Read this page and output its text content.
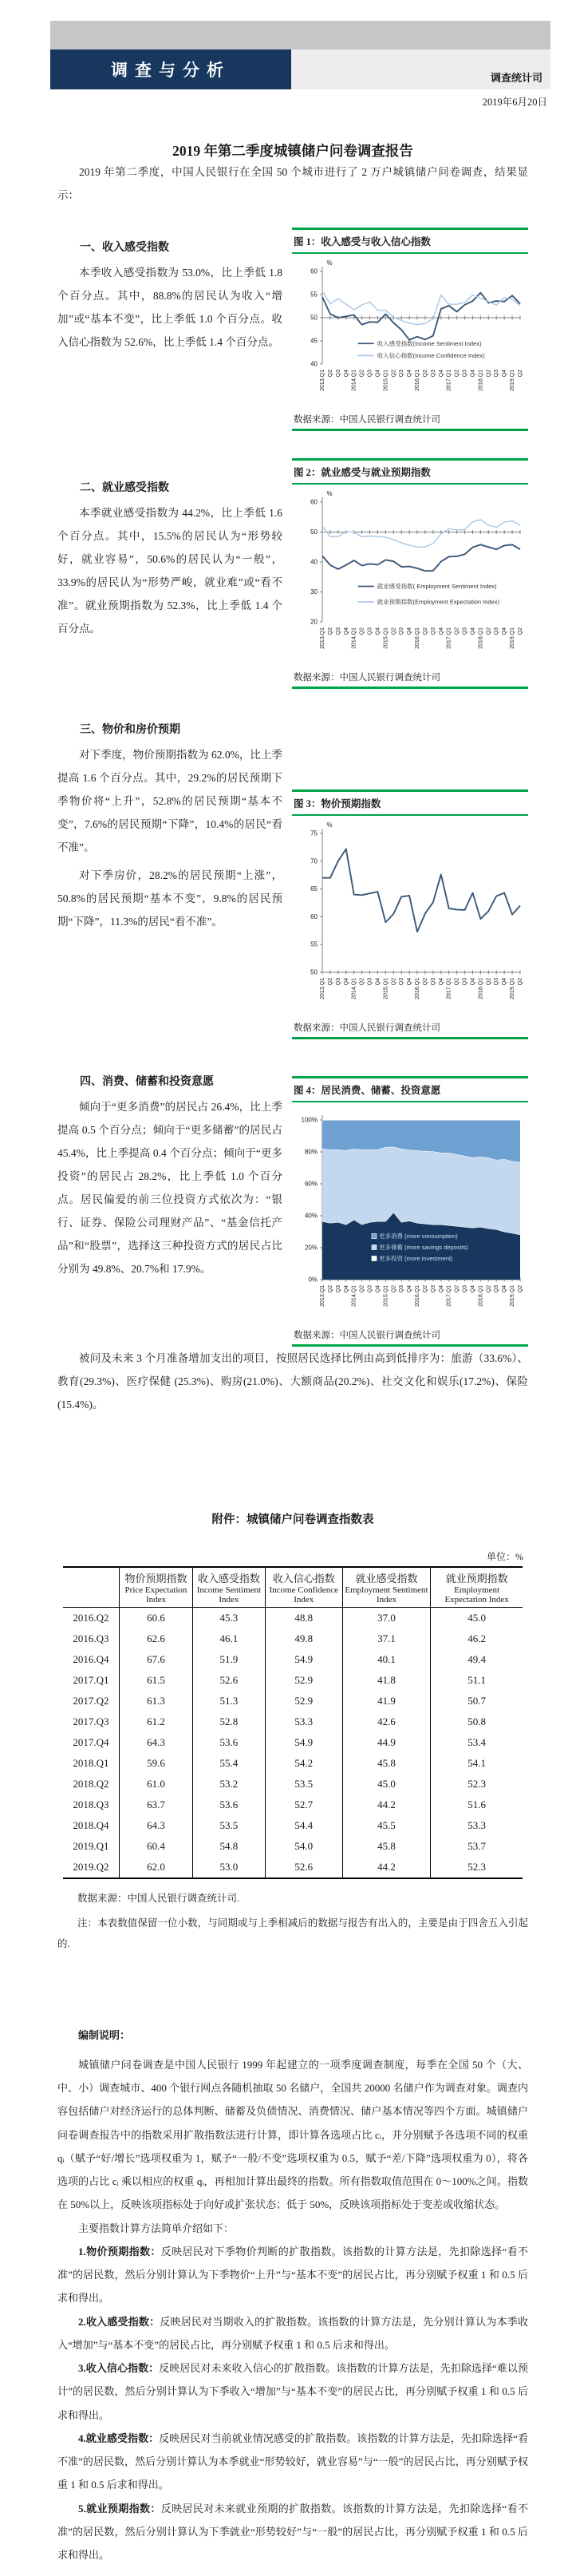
调查与分析	调查统计司
2019年6月20日
2019 年第二季度城镇储户问卷调查报告

2019 年第二季度，中国人民银行在全国 50 个城市进行了 2 万户城镇储户问卷调查，结果显示：

一、收入感受指数

本季收入感受指数为 53.0%，比上季低 1.8 个百分点。其中，88.8%的居民认为收入“增加”或“基本不变”，比上季低 1.0 个百分点。收入信心指数为 52.6%，比上季低 1.4 个百分点。

图 1：收入感受与收入信心指数
40
45
50
55
60
%
2013.Q1 Q2 Q3 Q4 2014.Q1 Q2 Q3 Q4 2015.Q1 Q2 Q3 Q4 2016.Q1 Q2 Q3 Q4 2017.Q1 Q2 Q3 Q4 2018.Q1 Q2 Q3 Q4 2019.Q1 Q2
收入感受指数(Income Sentiment Index)
收入信心指数(Income Confidence Index)
数据来源：中国人民银行调查统计司
二、就业感受指数

本季就业感受指数为 44.2%，比上季低 1.6 个百分点。其中，15.5%的居民认为“形势较好，就业容易”，50.6%的居民认为“一般”，33.9%的居民认为“形势严峻，就业难”或“看不准”。就业预期指数为 52.3%，比上季低 1.4 个百分点。

图 2：就业感受与就业预期指数
20
30
40
50
60
%
2013.Q1 Q2 Q3 Q4 2014.Q1 Q2 Q3 Q4 2015.Q1 Q2 Q3 Q4 2016.Q1 Q2 Q3 Q4 2017.Q1 Q2 Q3 Q4 2018.Q1 Q2 Q3 Q4 2019.Q1 Q2
就业感受指数( Employment Sentiment Index)
就业预期指数(Employment Expectation Index)
数据来源：中国人民银行调查统计司
三、物价和房价预期

对下季度，物价预期指数为 62.0%，比上季提高 1.6 个百分点。其中，29.2%的居民预期下季物价将“上升”，52.8%的居民预期“基本不变”，7.6%的居民预期“下降”，10.4%的居民“看不准”。

对下季房价，28.2%的居民预期“上涨”，50.8%的居民预期“基本不变”，9.8%的居民预期“下降”，11.3%的居民“看不准”。

图 3：物价预期指数
50
55
60
65
70
75
%
2013.Q1 Q2 Q3 Q4 2014.Q1 Q2 Q3 Q4 2015.Q1 Q2 Q3 Q4 2016.Q1 Q2 Q3 Q4 2017.Q1 Q2 Q3 Q4 2018.Q1 Q2 Q3 Q4 2019.Q1 Q2
数据来源：中国人民银行调查统计司
四、消费、储蓄和投资意愿

倾向于“更多消费”的居民占 26.4%，比上季提高 0.5 个百分点；倾向于“更多储蓄”的居民占 45.4%，比上季提高 0.4 个百分点；倾向于“更多投资”的居民占 28.2%，比上季低 1.0 个百分点。居民偏爱的前三位投资方式依次为：“银行、证券、保险公司理财产品”、“基金信托产品”和“股票”，选择这三种投资方式的居民占比分别为 49.8%、20.7%和 17.9%。

图 4：居民消费、储蓄、投资意愿
0%
20%
40%
60%
80%
100%
2013.Q1 Q2 Q3 Q4 2014.Q1 Q2 Q3 Q4 2015.Q1 Q2 Q3 Q4 2016.Q1 Q2 Q3 Q4 2017.Q1 Q2 Q3 Q4 2018.Q1 Q2 Q3 Q4 2019.Q1 Q2
更多消费 (more consumption)
更多储蓄 (more savings deposits)
更多投资 (more investment)
数据来源：中国人民银行调查统计司

被问及未来 3 个月准备增加支出的项目，按照居民选择比例由高到低排序为：旅游（33.6%）、教育(29.3%)、医疗保健 (25.3%)、购房(21.0%)、大额商品(20.2%)、社交文化和娱乐(17.2%)、保险(15.4%)。

附件：城镇储户问卷调查指数表
单位：%

物价预期指数
Price Expectation Index

收入感受指数
Income Sentiment Index

收入信心指数
Income Confidence Index

就业感受指数
Employment Sentiment Index

就业预期指数
Employment Expectation Index

2016.Q2	60.6	45.3	48.8	37.0	45.0
2016.Q3	62.6	46.1	49.8	37.1	46.2
2016.Q4	67.6	51.9	54.9	40.1	49.4
2017.Q1	61.5	52.6	52.9	41.8	51.1
2017.Q2	61.3	51.3	52.9	41.9	50.7
2017.Q3	61.2	52.8	53.3	42.6	50.8
2017.Q4	64.3	53.6	54.9	44.9	53.4
2018.Q1	59.6	55.4	54.2	45.8	54.1
2018.Q2	61.0	53.2	53.5	45.0	52.3
2018.Q3	63.7	53.6	52.7	44.2	51.6
2018.Q4	64.3	53.5	54.4	45.5	53.3
2019.Q1	60.4	54.8	54.0	45.8	53.7
2019.Q2	62.0	53.0	52.6	44.2	52.3

数据来源：中国人民银行调查统计司.

注：本表数值保留一位小数，与同期或与上季相减后的数据与报告有出入的，主要是由于四舍五入引起的.

编制说明：

城镇储户问卷调查是中国人民银行 1999 年起建立的一项季度调查制度，每季在全国 50 个（大、中、小）调查城市、400 个银行网点各随机抽取 50 名储户，全国共 20000 名储户作为调查对象。调查内容包括储户对经济运行的总体判断、储蓄及负债情况、消费情况、储户基本情况等四个方面。城镇储户问卷调查报告中的指数采用扩散指数法进行计算，即计算各选项占比 cᵢ，并分别赋予各选项不同的权重 qᵢ（赋予“好/增长”选项权重为 1，赋予“一般/不变”选项权重为 0.5，赋予“差/下降”选项权重为 0），将各选项的占比 cᵢ 乘以相应的权重 qᵢ，再相加计算出最终的指数。所有指数取值范围在 0～100%之间。指数在 50%以上，反映该项指标处于向好或扩张状态；低于 50%，反映该项指标处于变差或收缩状态。

主要指数计算方法简单介绍如下：

1.物价预期指数：反映居民对下季物价判断的扩散指数。该指数的计算方法是，先扣除选择“看不准”的居民数，然后分别计算认为下季物价“上升”与“基本不变”的居民占比，再分别赋予权重 1 和 0.5 后求和得出。

2.收入感受指数：反映居民对当期收入的扩散指数。该指数的计算方法是，先分别计算认为本季收入“增加”与“基本不变”的居民占比，再分别赋予权重 1 和 0.5 后求和得出。

3.收入信心指数：反映居民对未来收入信心的扩散指数。该指数的计算方法是，先扣除选择“难以预计”的居民数，然后分别计算认为下季收入“增加”与“基本不变”的居民占比，再分别赋予权重 1 和 0.5 后求和得出。

4.就业感受指数：反映居民对当前就业情况感受的扩散指数。该指数的计算方法是，先扣除选择“看不准”的居民数，然后分别计算认为本季就业“形势较好，就业容易”与“一般”的居民占比，再分别赋予权重 1 和 0.5 后求和得出。

5.就业预期指数：反映居民对未来就业预期的扩散指数。该指数的计算方法是，先扣除选择“看不准”的居民数，然后分别计算认为下季就业“形势较好”与“一般”的居民占比，再分别赋予权重 1 和 0.5 后求和得出。
